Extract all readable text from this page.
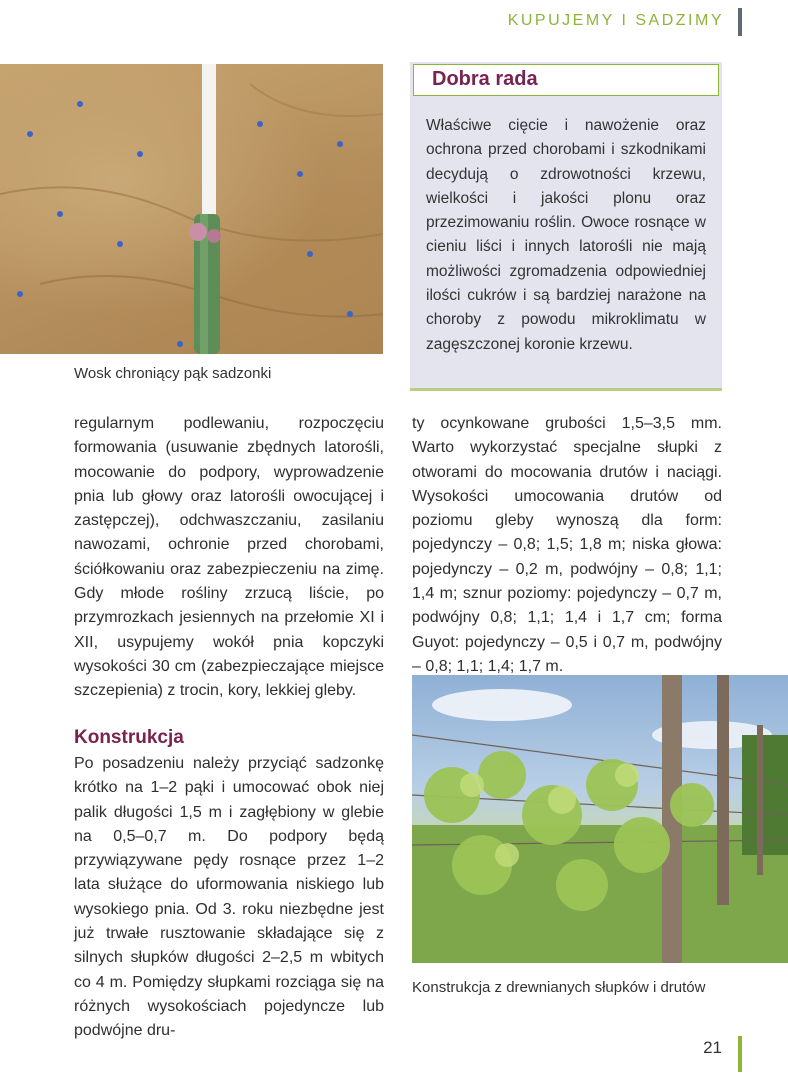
KUPUJEMY I SADZIMY
Wosk chroniący pąk sadzonki
Dobra rada
Właściwe cięcie i nawożenie oraz ochrona przed chorobami i szkodnikami decydują o zdrowotności krzewu, wielkości i jakości plonu oraz przezimowaniu roślin. Owoce rosnące w cieniu liści i innych latorośli nie mają możliwości zgromadzenia odpowiedniej ilości cukrów i są bardziej narażone na choroby z powodu mikroklimatu w zagęszczonej koronie krzewu.
regularnym podlewaniu, rozpoczęciu formowania (usuwanie zbędnych latorośli, mocowanie do podpory, wyprowadzenie pnia lub głowy oraz latorośli owocującej i zastępczej), odchwaszczaniu, zasilaniu nawozami, ochronie przed chorobami, ściółkowaniu oraz zabezpieczeniu na zimę. Gdy młode rośliny zrzucą liście, po przymrozkach jesiennych na przełomie XI i XII, usypujemy wokół pnia kopczyki wysokości 30 cm (zabezpieczające miejsce szczepienia) z trocin, kory, lekkiej gleby.
Konstrukcja
Po posadzeniu należy przyciąć sadzonkę krótko na 1–2 pąki i umocować obok niej palik długości 1,5 m i zagłębiony w glebie na 0,5–0,7 m. Do podpory będą przywiązywane pędy rosnące przez 1–2 lata służące do uformowania niskiego lub wysokiego pnia. Od 3. roku niezbędne jest już trwałe rusztowanie składające się z silnych słupków długości 2–2,5 m wbitych co 4 m. Pomiędzy słupkami rozciąga się na różnych wysokościach pojedyncze lub podwójne dru-
ty ocynkowane grubości 1,5–3,5 mm. Warto wykorzystać specjalne słupki z otworami do mocowania drutów i naciągi. Wysokości umocowania drutów od poziomu gleby wynoszą dla form: pojedynczy – 0,8; 1,5; 1,8 m; niska głowa: pojedynczy – 0,2 m, podwójny – 0,8; 1,1; 1,4 m; sznur poziomy: pojedynczy – 0,7 m, podwójny 0,8; 1,1; 1,4 i 1,7 cm; forma Guyot: pojedynczy – 0,5 i 0,7 m, podwójny – 0,8; 1,1; 1,4; 1,7 m.
Konstrukcja z drewnianych słupków i drutów
21
